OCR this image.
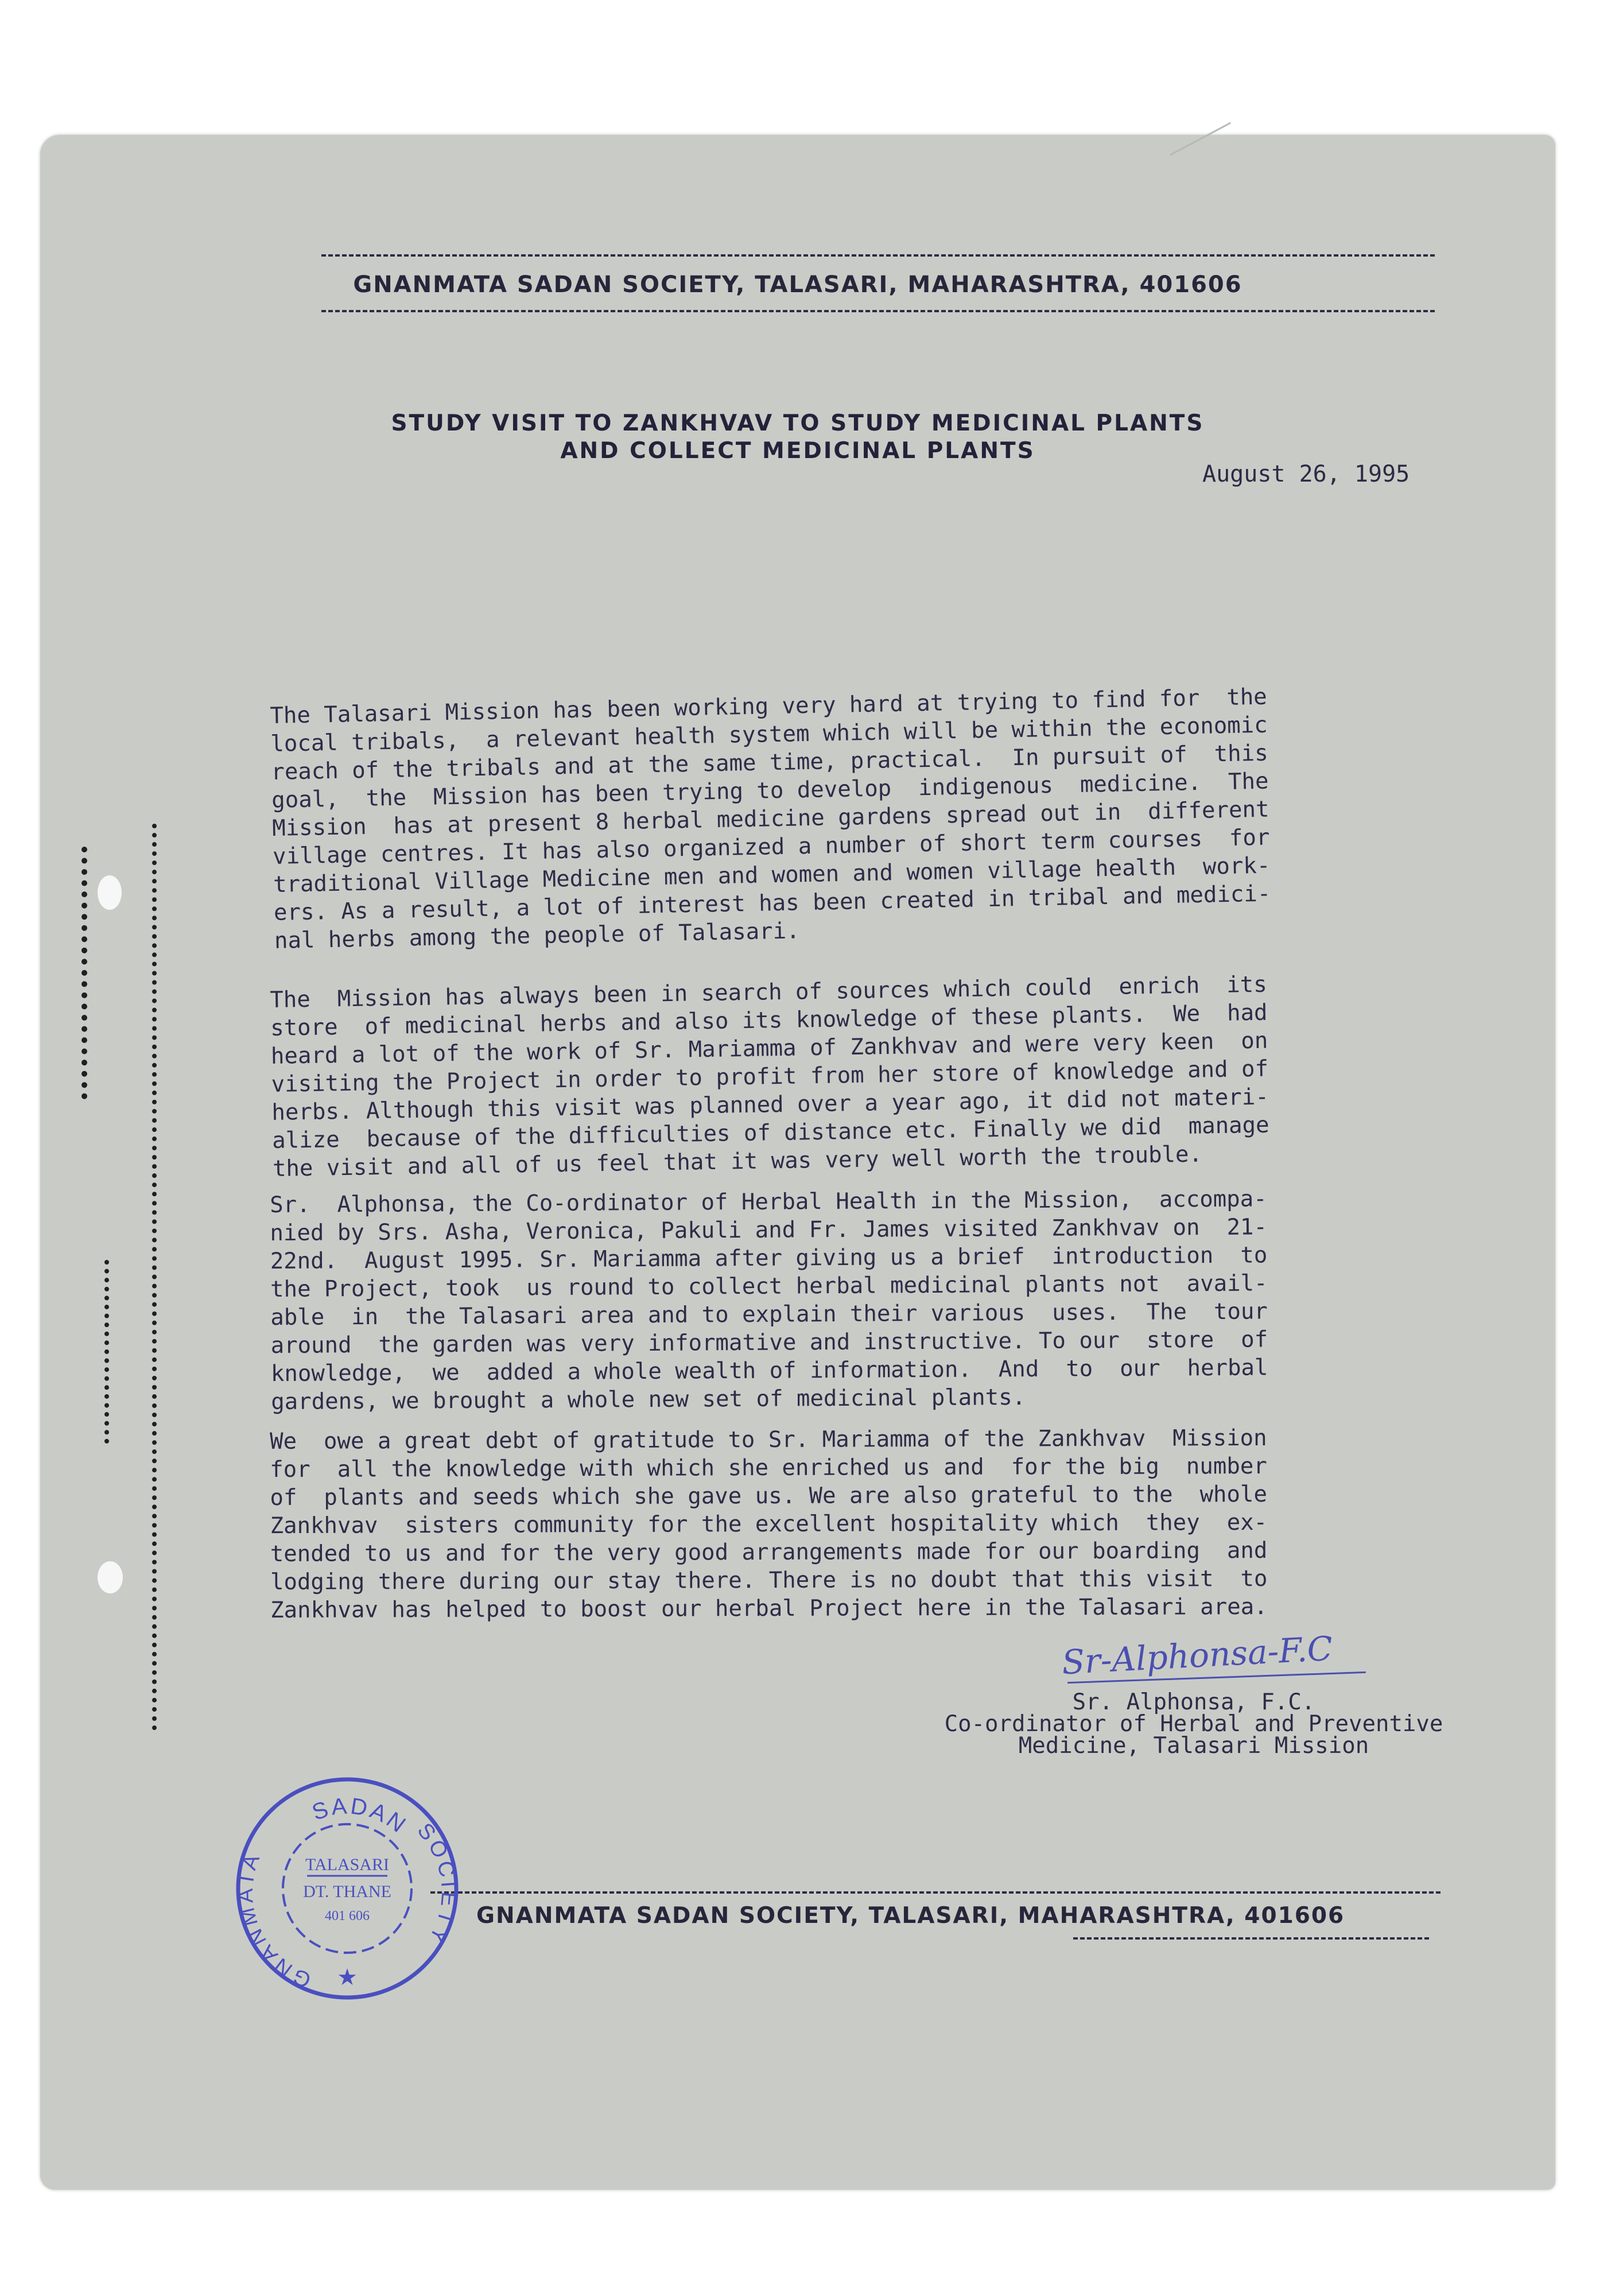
GNANMATA SADAN SOCIETY, TALASARI, MAHARASHTRA, 401606
August 26, 1995
STUDY VISIT TO ZANKHVAV TO STUDY MEDICINAL PLANTS
AND COLLECT MEDICINAL PLANTS
The Talasari Mission has been working very hard at trying to find for  the
local tribals,  a relevant health system which will be within the economic
reach of the tribals and at the same time, practical.  In pursuit of  this
goal,  the  Mission has been trying to develop  indigenous  medicine.  The
Mission  has at present 8 herbal medicine gardens spread out in  different
village centres. It has also organized a number of short term courses  for
traditional Village Medicine men and women and women village health  work-
ers. As a result, a lot of interest has been created in tribal and medici-
nal herbs among the people of Talasari.
The  Mission has always been in search of sources which could  enrich  its
store  of medicinal herbs and also its knowledge of these plants.  We  had
heard a lot of the work of Sr. Mariamma of Zankhvav and were very keen  on
visiting the Project in order to profit from her store of knowledge and of
herbs. Although this visit was planned over a year ago, it did not materi-
alize  because of the difficulties of distance etc. Finally we did  manage
the visit and all of us feel that it was very well worth the trouble.
Sr.  Alphonsa, the Co-ordinator of Herbal Health in the Mission,  accompa-
nied by Srs. Asha, Veronica, Pakuli and Fr. James visited Zankhvav on  21-
22nd.  August 1995. Sr. Mariamma after giving us a brief  introduction  to
the Project, took  us round to collect herbal medicinal plants not  avail-
able  in  the Talasari area and to explain their various  uses.  The  tour
around  the garden was very informative and instructive. To our  store  of
knowledge,  we  added a whole wealth of information.  And  to  our  herbal
gardens, we brought a whole new set of medicinal plants.
We  owe a great debt of gratitude to Sr. Mariamma of the Zankhvav  Mission
for  all the knowledge with which she enriched us and  for the big  number
of  plants and seeds which she gave us. We are also grateful to the  whole
Zankhvav  sisters community for the excellent hospitality which  they  ex-
tended to us and for the very good arrangements made for our boarding  and
lodging there during our stay there. There is no doubt that this visit  to
Zankhvav has helped to boost our herbal Project here in the Talasari area.
Sr-Alphonsa-F.C
Sr. Alphonsa, F.C.
Co-ordinator of Herbal and Preventive
Medicine, Talasari Mission
GNANMATA SADAN SOCIETY, TALASARI, MAHARASHTRA, 401606
SADAN
GNANMATA
SOCIETY
TALASARI
DT. THANE
401 606
★
